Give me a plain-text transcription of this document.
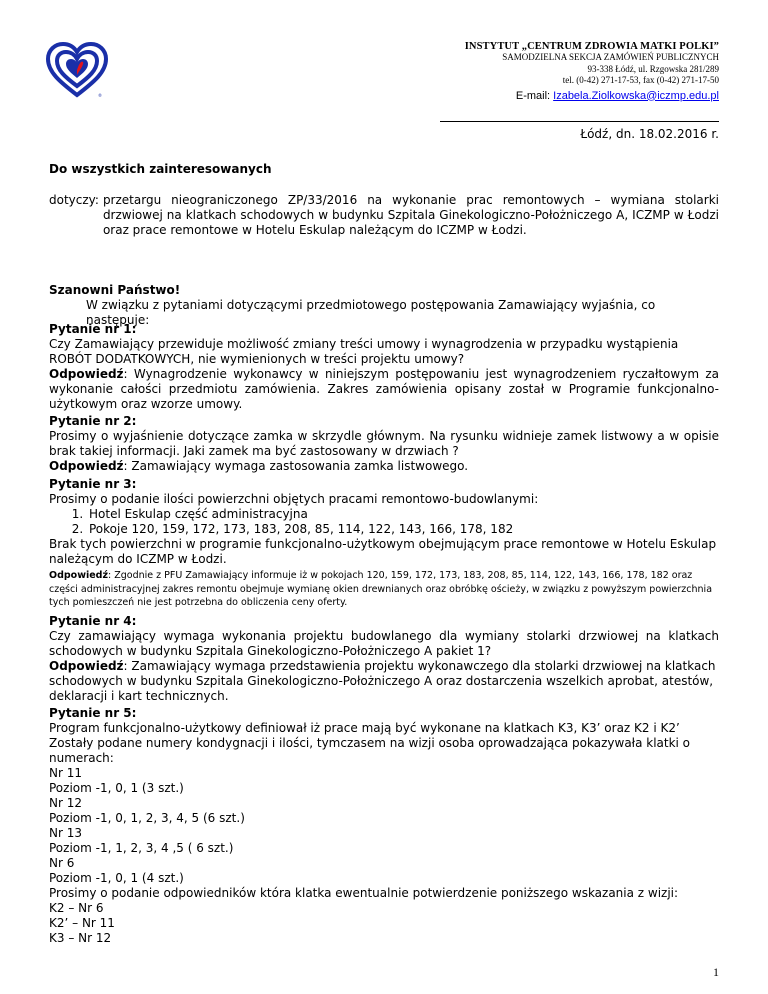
®
INSTYTUT „CENTRUM ZDROWIA MATKI POLKI”
SAMODZIELNA SEKCJA ZAMÓWIEŃ PUBLICZNYCH
93-338 Łódź, ul. Rzgowska 281/289
tel. (0-42) 271-17-53, fax (0-42) 271-17-50
E-mail: Izabela.Ziolkowska@iczmp.edu.pl
Łódź, dn. 18.02.2016 r.
Do wszystkich zainteresowanych
dotyczy: przetargu nieograniczonego ZP/33/2016 na wykonanie prac remontowych – wymiana stolarki drzwiowej na klatkach schodowych w budynku Szpitala Ginekologiczno-Położniczego A, ICZMP w Łodzi oraz prace remontowe w Hotelu Eskulap należącym do ICZMP w Łodzi.
Szanowni Państwo!
W związku z pytaniami dotyczącymi przedmiotowego postępowania Zamawiający wyjaśnia, co następuje:
Pytanie nr 1:
Czy Zamawiający przewiduje możliwość zmiany treści umowy i wynagrodzenia w przypadku wystąpienia ROBÓT DODATKOWYCH, nie wymienionych w treści projektu umowy?
Odpowiedź: Wynagrodzenie wykonawcy w niniejszym postępowaniu jest wynagrodzeniem ryczałtowym za wykonanie całości przedmiotu zamówienia. Zakres zamówienia opisany został w Programie funkcjonalno-użytkowym oraz wzorze umowy.
Pytanie nr 2:
Prosimy o wyjaśnienie dotyczące zamka w skrzydle głównym. Na rysunku widnieje zamek listwowy a w opisie brak takiej informacji. Jaki zamek ma być zastosowany w drzwiach ?
Odpowiedź: Zamawiający wymaga zastosowania zamka listwowego.
Pytanie nr 3:
Prosimy o podanie ilości powierzchni objętych pracami remontowo-budowlanymi:
1. Hotel Eskulap część administracyjna
2. Pokoje 120, 159, 172, 173, 183, 208, 85, 114, 122, 143, 166, 178, 182
Brak tych powierzchni w programie funkcjonalno-użytkowym obejmującym prace remontowe w Hotelu Eskulap należącym do ICZMP w Łodzi.
Odpowiedź: Zgodnie z PFU Zamawiający informuje iż w pokojach 120, 159, 172, 173, 183, 208, 85, 114, 122, 143, 166, 178, 182 oraz części administracyjnej zakres remontu obejmuje wymianę okien drewnianych oraz obróbkę ościeży, w związku z powyższym powierzchnia tych pomieszczeń nie jest potrzebna do obliczenia ceny oferty.
Pytanie nr 4:
Czy zamawiający wymaga wykonania projektu budowlanego dla wymiany stolarki drzwiowej na klatkach schodowych w budynku Szpitala Ginekologiczno-Położniczego A pakiet 1?
Odpowiedź: Zamawiający wymaga przedstawienia projektu wykonawczego dla stolarki drzwiowej na klatkach schodowych w budynku Szpitala Ginekologiczno-Położniczego A oraz dostarczenia wszelkich aprobat, atestów, deklaracji i kart technicznych.
Pytanie nr 5:
Program funkcjonalno-użytkowy definiował iż prace mają być wykonane na klatkach K3, K3’ oraz K2 i K2’
Zostały podane numery kondygnacji i ilości, tymczasem na wizji osoba oprowadzająca pokazywała klatki o numerach:
Nr 11
Poziom -1, 0, 1 (3 szt.)
Nr 12
Poziom -1, 0, 1, 2, 3, 4, 5 (6 szt.)
Nr 13
Poziom -1, 1, 2, 3, 4 ,5 ( 6 szt.)
Nr 6
Poziom -1, 0, 1 (4 szt.)
Prosimy o podanie odpowiedników która klatka ewentualnie potwierdzenie poniższego wskazania z wizji:
K2 – Nr 6
K2’ – Nr 11
K3 – Nr 12
1
